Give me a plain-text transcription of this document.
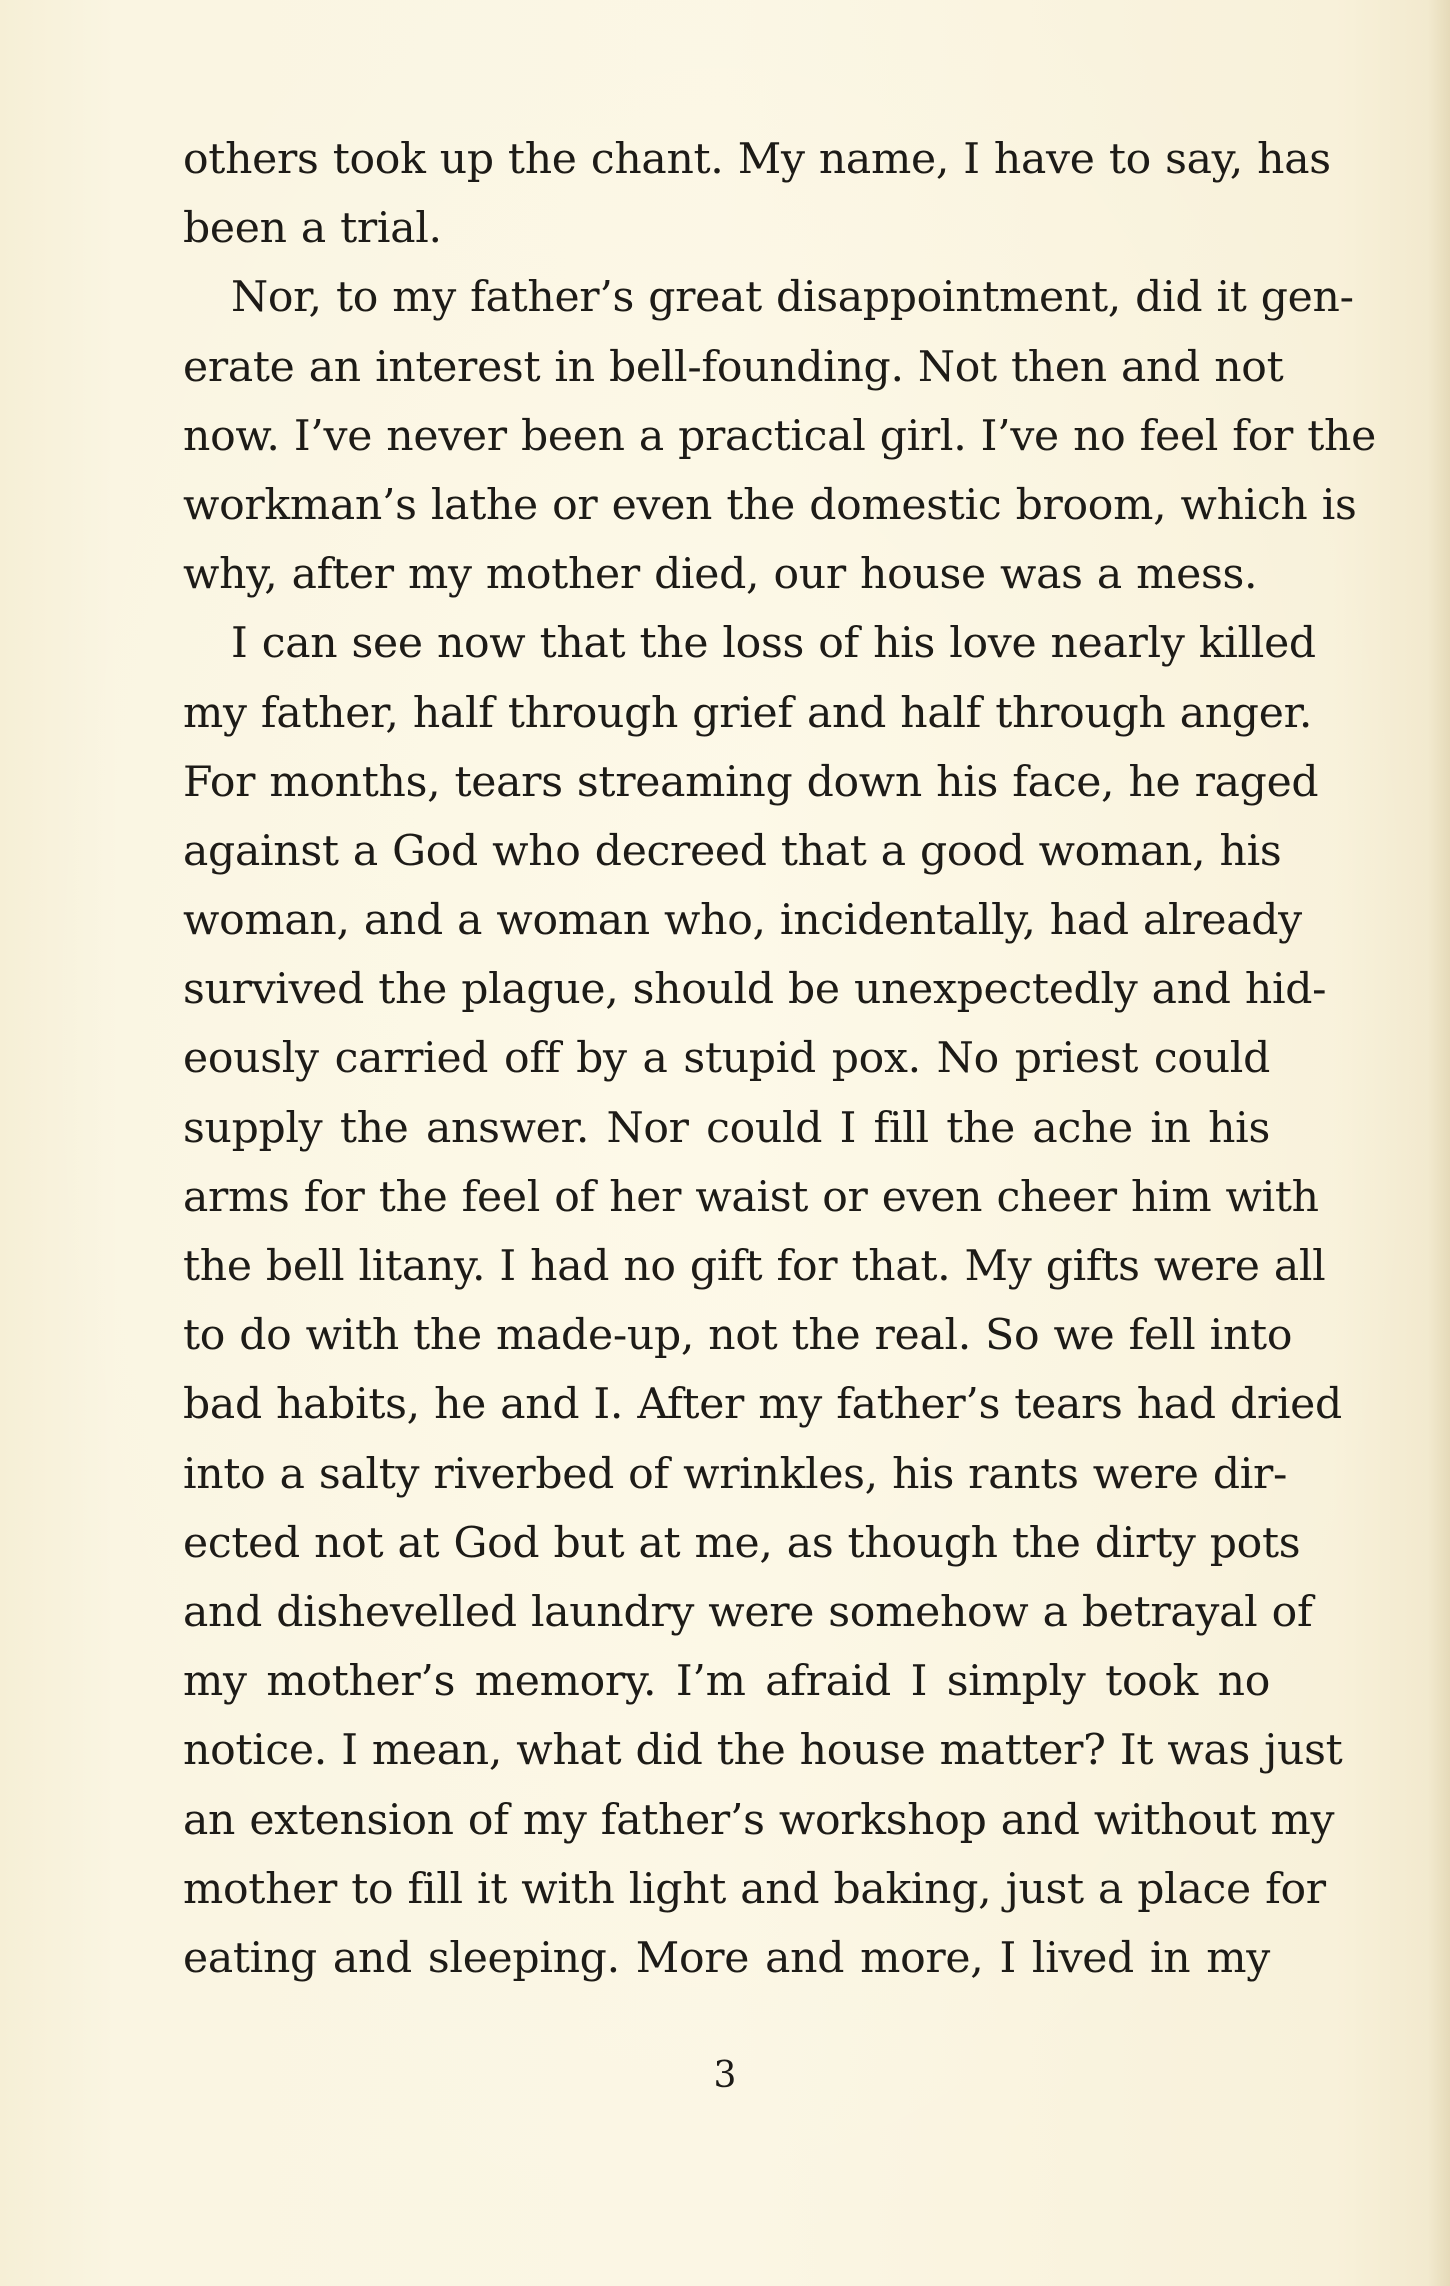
others took up the chant. My name, I have to say, has
been a trial.
Nor, to my father’s great disappointment, did it gen-
erate an interest in bell-founding. Not then and not
now. I’ve never been a practical girl. I’ve no feel for the
workman’s lathe or even the domestic broom, which is
why, after my mother died, our house was a mess.
I can see now that the loss of his love nearly killed
my father, half through grief and half through anger.
For months, tears streaming down his face, he raged
against a God who decreed that a good woman, his
woman, and a woman who, incidentally, had already
survived the plague, should be unexpectedly and hid-
eously carried off by a stupid pox. No priest could
supply the answer. Nor could I fill the ache in his
arms for the feel of her waist or even cheer him with
the bell litany. I had no gift for that. My gifts were all
to do with the made-up, not the real. So we fell into
bad habits, he and I. After my father’s tears had dried
into a salty riverbed of wrinkles, his rants were dir-
ected not at God but at me, as though the dirty pots
and dishevelled laundry were somehow a betrayal of
my mother’s memory. I’m afraid I simply took no
notice. I mean, what did the house matter? It was just
an extension of my father’s workshop and without my
mother to fill it with light and baking, just a place for
eating and sleeping. More and more, I lived in my
3
